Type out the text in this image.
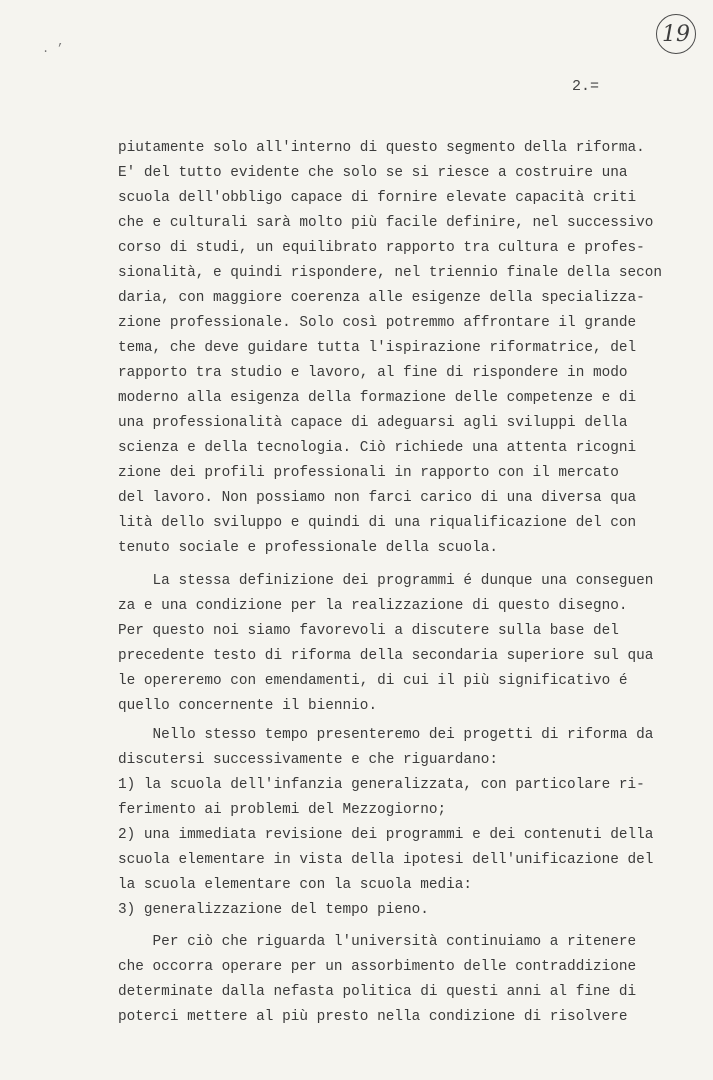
19
. ’
2.=
piutamente solo all'interno di questo segmento della riforma.
E' del tutto evidente che solo se si riesce a costruire una
scuola dell'obbligo capace di fornire elevate capacità criti
che e culturali sarà molto più facile definire, nel successivo
corso di studi, un equilibrato rapporto tra cultura e profes-
sionalità, e quindi rispondere, nel triennio finale della secon
daria, con maggiore coerenza alle esigenze della specializza-
zione professionale. Solo così potremmo affrontare il grande
tema, che deve guidare tutta l'ispirazione riformatrice, del
rapporto tra studio e lavoro, al fine di rispondere in modo
moderno alla esigenza della formazione delle competenze e di
una professionalità capace di adeguarsi agli sviluppi della
scienza e della tecnologia. Ciò richiede una attenta ricogni
zione dei profili professionali in rapporto con il mercato
del lavoro. Non possiamo non farci carico di una diversa qua
lità dello sviluppo e quindi di una riqualificazione del con
tenuto sociale e professionale della scuola.
La stessa definizione dei programmi é dunque una conseguen
za e una condizione per la realizzazione di questo disegno.
Per questo noi siamo favorevoli a discutere sulla base del
precedente testo di riforma della secondaria superiore sul qua
le opereremo con emendamenti, di cui il più significativo é
quello concernente il biennio.
Nello stesso tempo presenteremo dei progetti di riforma da
discutersi successivamente e che riguardano:
1) la scuola dell'infanzia generalizzata, con particolare ri-
ferimento ai problemi del Mezzogiorno;
2) una immediata revisione dei programmi e dei contenuti della
scuola elementare in vista della ipotesi dell'unificazione del
la scuola elementare con la scuola media:
3) generalizzazione del tempo pieno.
Per ciò che riguarda l'università continuiamo a ritenere
che occorra operare per un assorbimento delle contraddizione
determinate dalla nefasta politica di questi anni al fine di
poterci mettere al più presto nella condizione di risolvere
